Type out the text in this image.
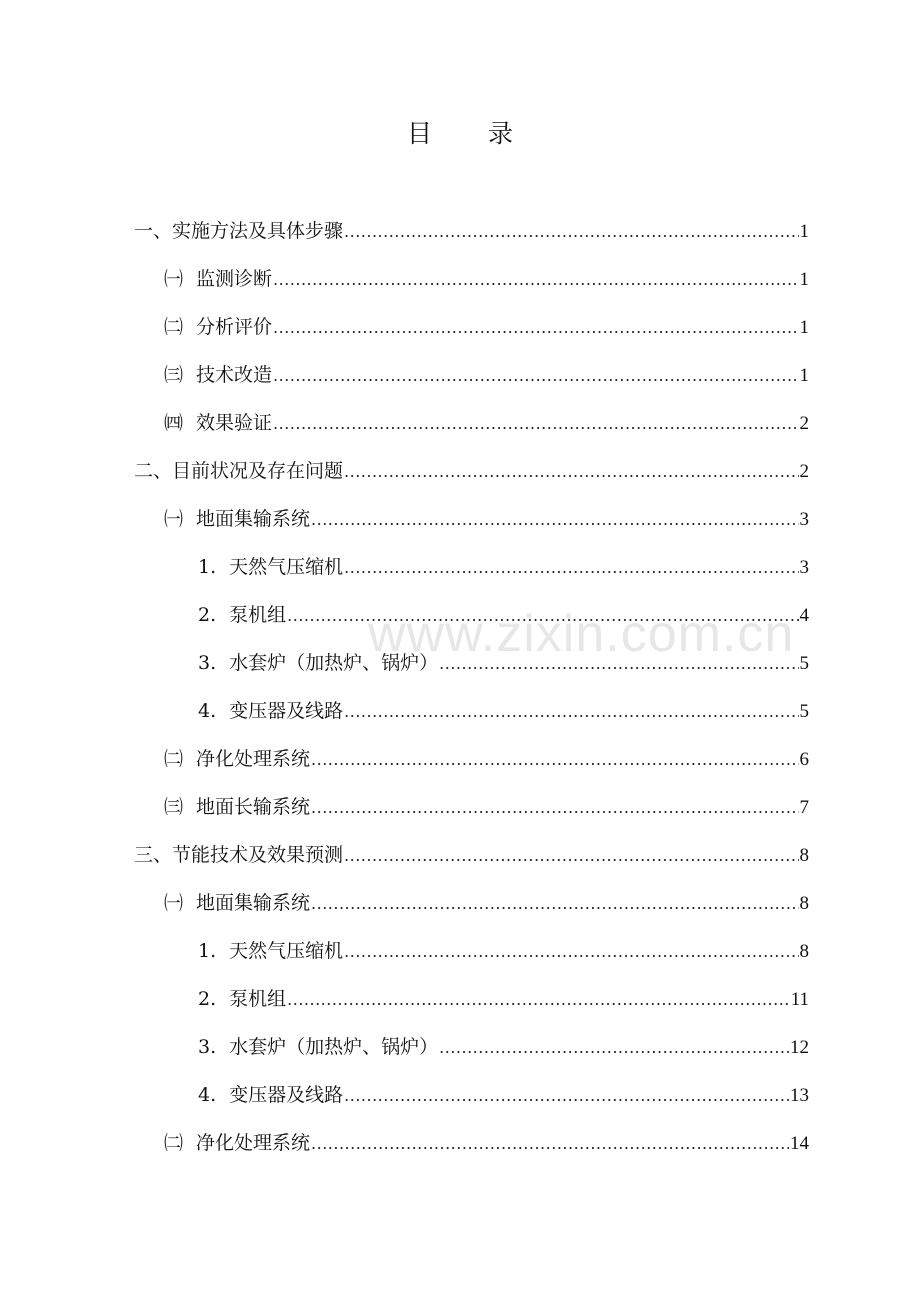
目 录
www.zixin.com.cn
一、实施方法及具体步骤 .....	1
㈠ 监测诊断 .....	1
㈡ 分析评价 .....	1
㈢ 技术改造 .....	1
㈣ 效果验证 .....	2
二、目前状况及存在问题 .....	2
㈠ 地面集输系统 .....	3
1. 天然气压缩机 .....	3
2. 泵机组 .....	4
3. 水套炉（加热炉、锅炉） .....	5
4. 变压器及线路 .....	5
㈡ 净化处理系统 .....	6
㈢ 地面长输系统 .....	7
三、节能技术及效果预测 .....	8
㈠ 地面集输系统 .....	8
1. 天然气压缩机 .....	8
2. 泵机组 .....	11
3. 水套炉（加热炉、锅炉） .....	12
4. 变压器及线路 .....	13
㈡ 净化处理系统 .....	14
